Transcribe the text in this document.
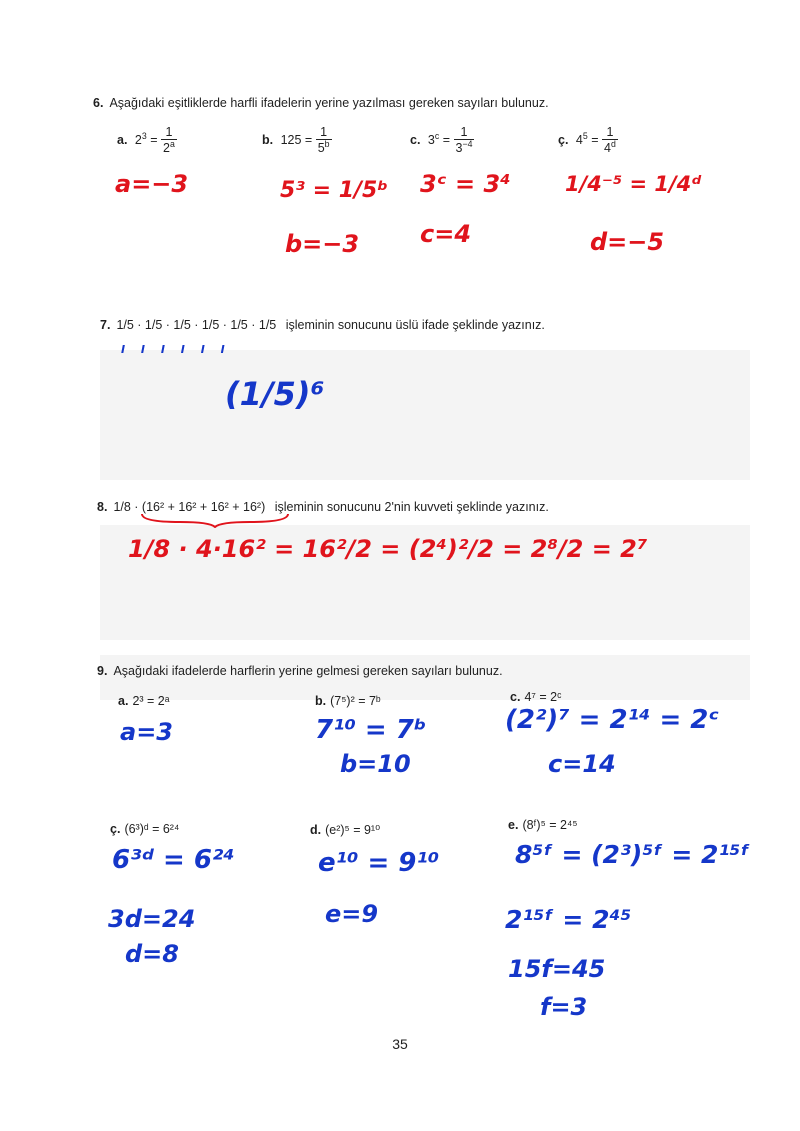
6. Aşağıdaki eşitliklerde harfli ifadelerin yerine yazılması gereken sayıları bulunuz.
a. $2^3 = \frac{1}{2^a}$	b. $125 = \frac{1}{5^b}$	c. $3^c = \frac{1}{3^{-4}}$	ç. $4^5 = \frac{1}{4^d}$
a=−3	5³ = 1/5ᵇ
b=−3
3ᶜ = 3⁴
c=4
1/4⁻⁵ = 1/4ᵈ
d=−5
7. 1/5 · 1/5 · 1/5 · 1/5 · 1/5 · 1/5 işleminin sonucunu üslü ifade şeklinde yazınız.
I I I I I I
(1/5)⁶
8. 1/8 · (16² + 16² + 16² + 16²) işleminin sonucunu 2'nin kuvveti şeklinde yazınız.
1/8 · 4·16² = 16²/2 = (2⁴)²/2 = 2⁸/2 = 2⁷
9. Aşağıdaki ifadelerde harflerin yerine gelmesi gereken sayıları bulunuz.
a. 2³ = 2ᵃ	b. (7⁵)² = 7ᵇ	c. 4⁷ = 2ᶜ
a=3	7¹⁰ = 7ᵇ
b=10
(2²)⁷ = 2¹⁴ = 2ᶜ
c=14
ç. (6³)ᵈ = 6²⁴	d. (e²)⁵ = 9¹⁰	e. (8ᶠ)⁵ = 2⁴⁵
6³ᵈ = 6²⁴
3d=24
d=8
e¹⁰ = 9¹⁰
e=9
8⁵ᶠ = (2³)⁵ᶠ = 2¹⁵ᶠ
2¹⁵ᶠ = 2⁴⁵
15f=45
f=3
35
